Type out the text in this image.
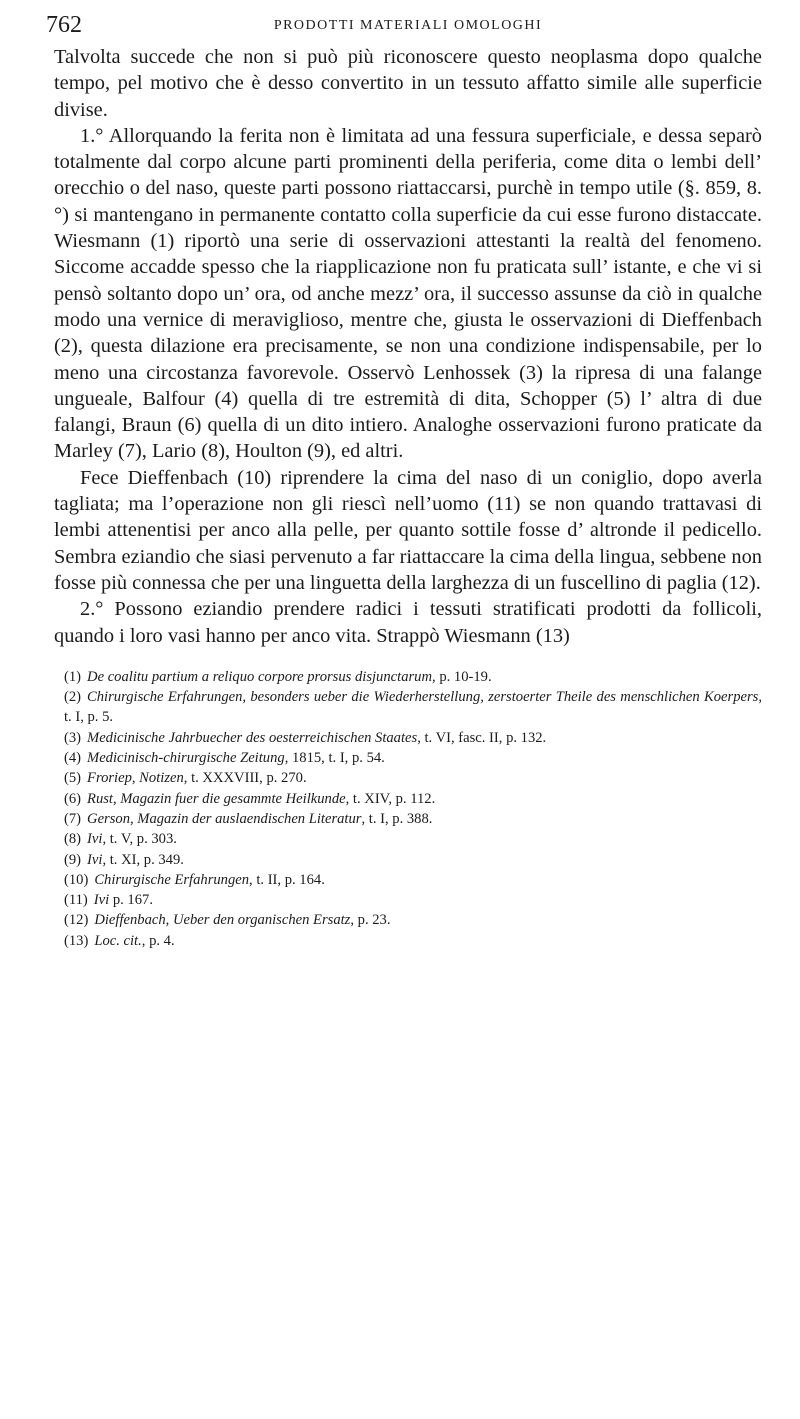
762	PRODOTTI MATERIALI OMOLOGHI

Talvolta succede che non si può più riconoscere questo neoplasma dopo qualche tempo, pel motivo che è desso convertito in un tessuto affatto simile alle superficie divise.

1.° Allorquando la ferita non è limitata ad una fessura superficiale, e dessa separò totalmente dal corpo alcune parti prominenti della periferia, come dita o lembi dell’ orecchio o del naso, queste parti possono riattaccarsi, purchè in tempo utile (§. 859, 8.°) si mantengano in permanente contatto colla superficie da cui esse furono distaccate. Wiesmann (1) riportò una serie di osservazioni attestanti la realtà del fenomeno. Siccome accadde spesso che la riapplicazione non fu praticata sull’ istante, e che vi si pensò soltanto dopo un’ ora, od anche mezz’ ora, il successo assunse da ciò in qualche modo una vernice di meraviglioso, mentre che, giusta le osservazioni di Dieffenbach (2), questa dilazione era precisamente, se non una condizione indispensabile, per lo meno una circostanza favorevole. Osservò Lenhossek (3) la ripresa di una falange ungueale, Balfour (4) quella di tre estremità di dita, Schopper (5) l’ altra di due falangi, Braun (6) quella di un dito intiero. Analoghe osservazioni furono praticate da Marley (7), Lario (8), Houlton (9), ed altri.

Fece Dieffenbach (10) riprendere la cima del naso di un coniglio, dopo averla tagliata; ma l’operazione non gli riescì nell’uomo (11) se non quando trattavasi di lembi attenentisi per anco alla pelle, per quanto sottile fosse d’ altronde il pedicello. Sembra eziandio che siasi pervenuto a far riattaccare la cima della lingua, sebbene non fosse più connessa che per una linguetta della larghezza di un fuscellino di paglia (12).

2.° Possono eziandio prendere radici i tessuti stratificati prodotti da follicoli, quando i loro vasi hanno per anco vita. Strappò Wiesmann (13)

(1) De coalitu partium a reliquo corpore prorsus disjunctarum, p. 10-19.

(2) Chirurgische Erfahrungen, besonders ueber die Wiederherstellung, zerstoerter Theile des menschlichen Koerpers, t. I, p. 5.

(3) Medicinische Jahrbuecher des oesterreichischen Staates, t. VI, fasc. II, p. 132.

(4) Medicinisch-chirurgische Zeitung, 1815, t. I, p. 54.

(5) Froriep, Notizen, t. XXXVIII, p. 270.

(6) Rust, Magazin fuer die gesammte Heilkunde, t. XIV, p. 112.

(7) Gerson, Magazin der auslaendischen Literatur, t. I, p. 388.

(8) Ivi, t. V, p. 303.

(9) Ivi, t. XI, p. 349.

(10) Chirurgische Erfahrungen, t. II, p. 164.

(11) Ivi p. 167.

(12) Dieffenbach, Ueber den organischen Ersatz, p. 23.

(13) Loc. cit., p. 4.
